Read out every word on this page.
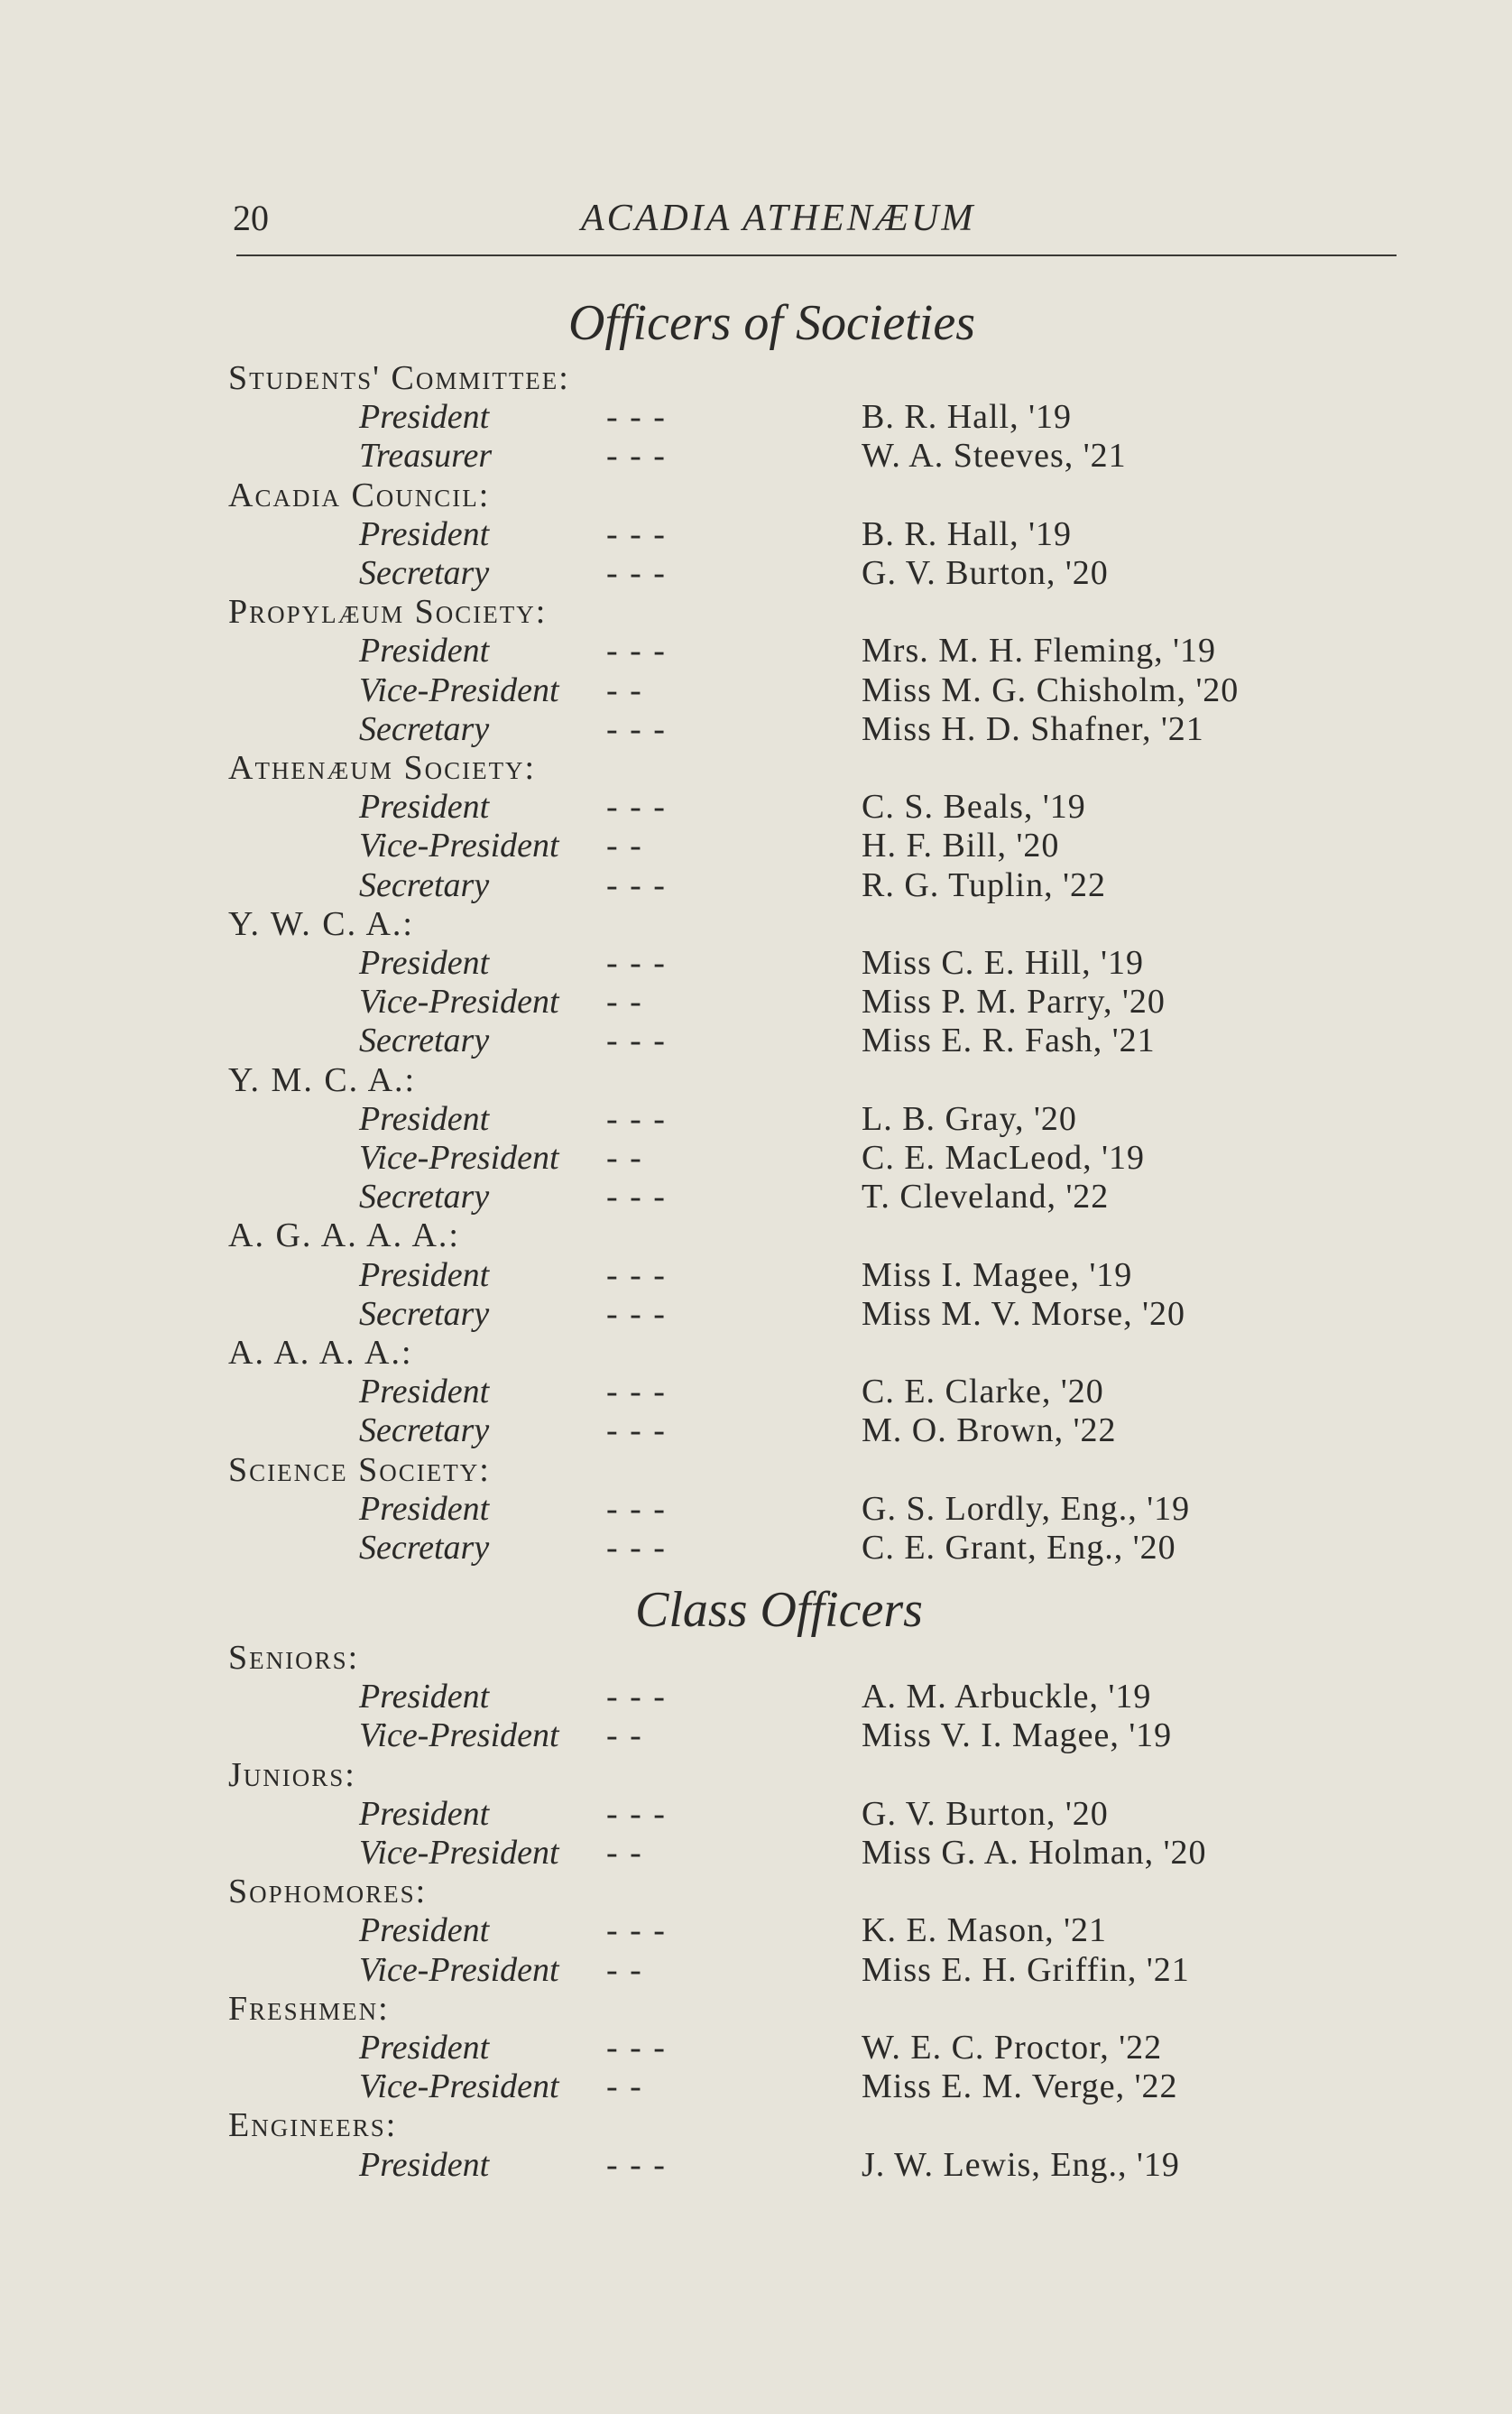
20	ACADIA ATHENÆUM
Officers of Societies
Students' Committee:
President	- - -	B. R. Hall, '19
Treasurer	- - -	W. A. Steeves, '21
Acadia Council:
President	- - -	B. R. Hall, '19
Secretary	- - -	G. V. Burton, '20
Propylæum Society:
President	- - -	Mrs. M. H. Fleming, '19
Vice-President - -	Miss M. G. Chisholm, '20
Secretary	- - -	Miss H. D. Shafner, '21
Athenæum Society:
President	- - -	C. S. Beals, '19
Vice-President - -	H. F. Bill, '20
Secretary	- - -	R. G. Tuplin, '22
Y. W. C. A.:
President	- - -	Miss C. E. Hill, '19
Vice-President - -	Miss P. M. Parry, '20
Secretary	- - -	Miss E. R. Fash, '21
Y. M. C. A.:
President	- - -	L. B. Gray, '20
Vice-President - -	C. E. MacLeod, '19
Secretary	- - -	T. Cleveland, '22
A. G. A. A. A.:
President	- - -	Miss I. Magee, '19
Secretary	- - -	Miss M. V. Morse, '20
A. A. A. A.:
President	- - -	C. E. Clarke, '20
Secretary	- - -	M. O. Brown, '22
Science Society:
President	- - -	G. S. Lordly, Eng., '19
Secretary	- - -	C. E. Grant, Eng., '20
Class Officers
Seniors:
President	- - -	A. M. Arbuckle, '19
Vice-President - -	Miss V. I. Magee, '19
Juniors:
President	- - -	G. V. Burton, '20
Vice-President - -	Miss G. A. Holman, '20
Sophomores:
President	- - -	K. E. Mason, '21
Vice-President - -	Miss E. H. Griffin, '21
Freshmen:
President	- - -	W. E. C. Proctor, '22
Vice-President - -	Miss E. M. Verge, '22
Engineers:
President	- - -	J. W. Lewis, Eng., '19
